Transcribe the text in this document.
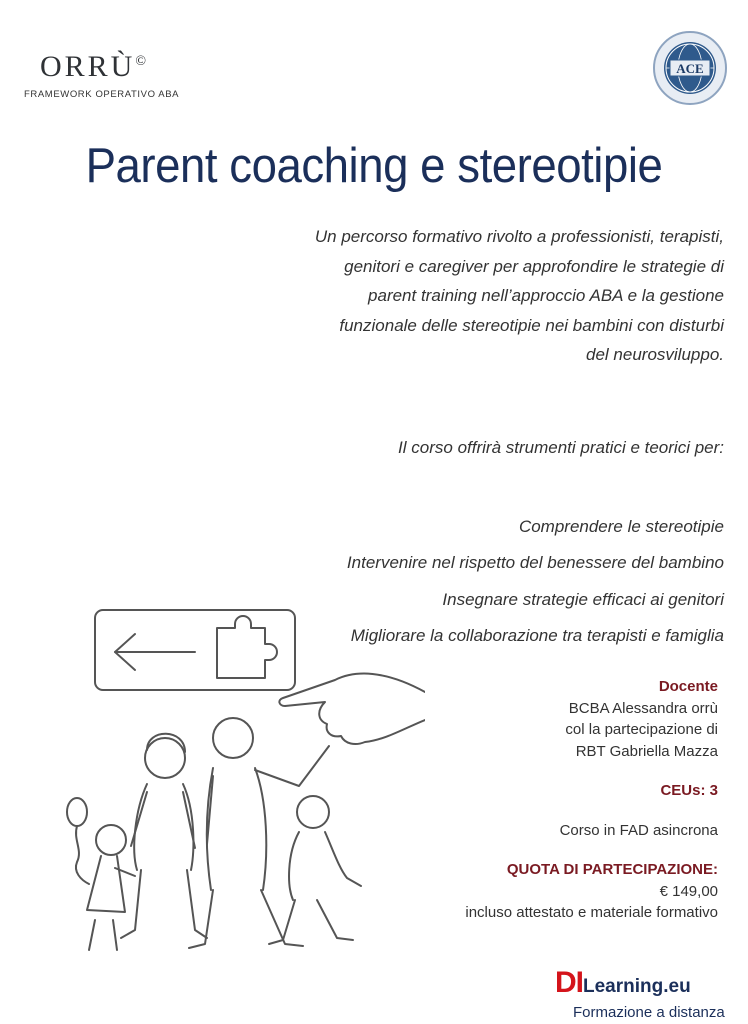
ORRÙ©
FRAMEWORK OPERATIVO ABA
ACE
Parent coaching e stereotipie
Un percorso formativo rivolto a professionisti, terapisti,
genitori e caregiver per approfondire le strategie di
parent training nell’approccio ABA e la gestione
funzionale delle stereotipie nei bambini con disturbi
del neurosviluppo.
Il corso offrirà strumenti pratici e teorici per:
Comprendere le stereotipie
Intervenire nel rispetto del benessere del bambino
Insegnare strategie efficaci ai genitori
Migliorare la collaborazione tra terapisti e famiglia
Docente
BCBA Alessandra orrù
col la partecipazione di
RBT Gabriella Mazza
CEUs: 3
Corso in FAD asincrona
QUOTA DI PARTECIPAZIONE:
€ 149,00
incluso attestato e materiale formativo
DILearning.eu
Formazione a distanza
